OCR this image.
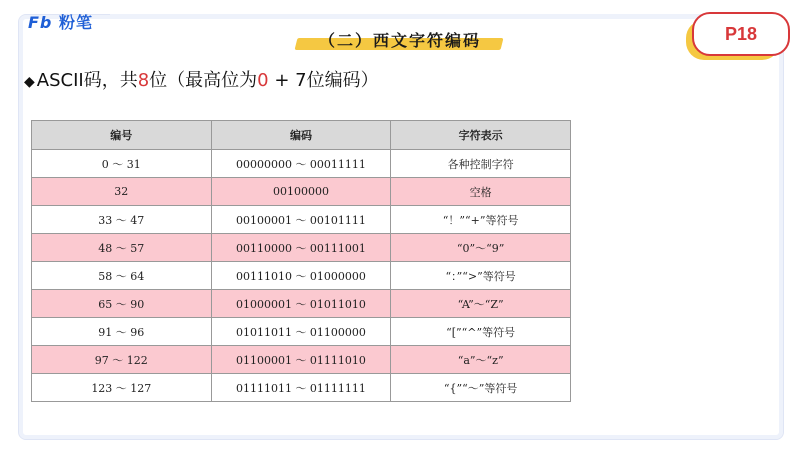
Fb 粉笔
（二）西文字符编码	P18
◆ ASCII码，共8位（最高位为0 + 7位编码）
编号	编码	字符表示
0 ～ 31	00000000 ～ 00011111	各种控制字符
32	00100000	空格
33 ～ 47	00100001 ～ 00101111	“！”“+”等符号
48 ～ 57	00110000 ～ 00111001	“0”～“9”
58 ～ 64	00111010 ～ 01000000	“：”“>”等符号
65 ～ 90	01000001 ～ 01011010	“A”～“Z”
91 ～ 96	01011011 ～ 01100000	“[”“^”等符号
97 ～ 122	01100001 ～ 01111010	“a”～“z”
123 ～ 127	01111011 ～ 01111111	“{”“～”等符号
